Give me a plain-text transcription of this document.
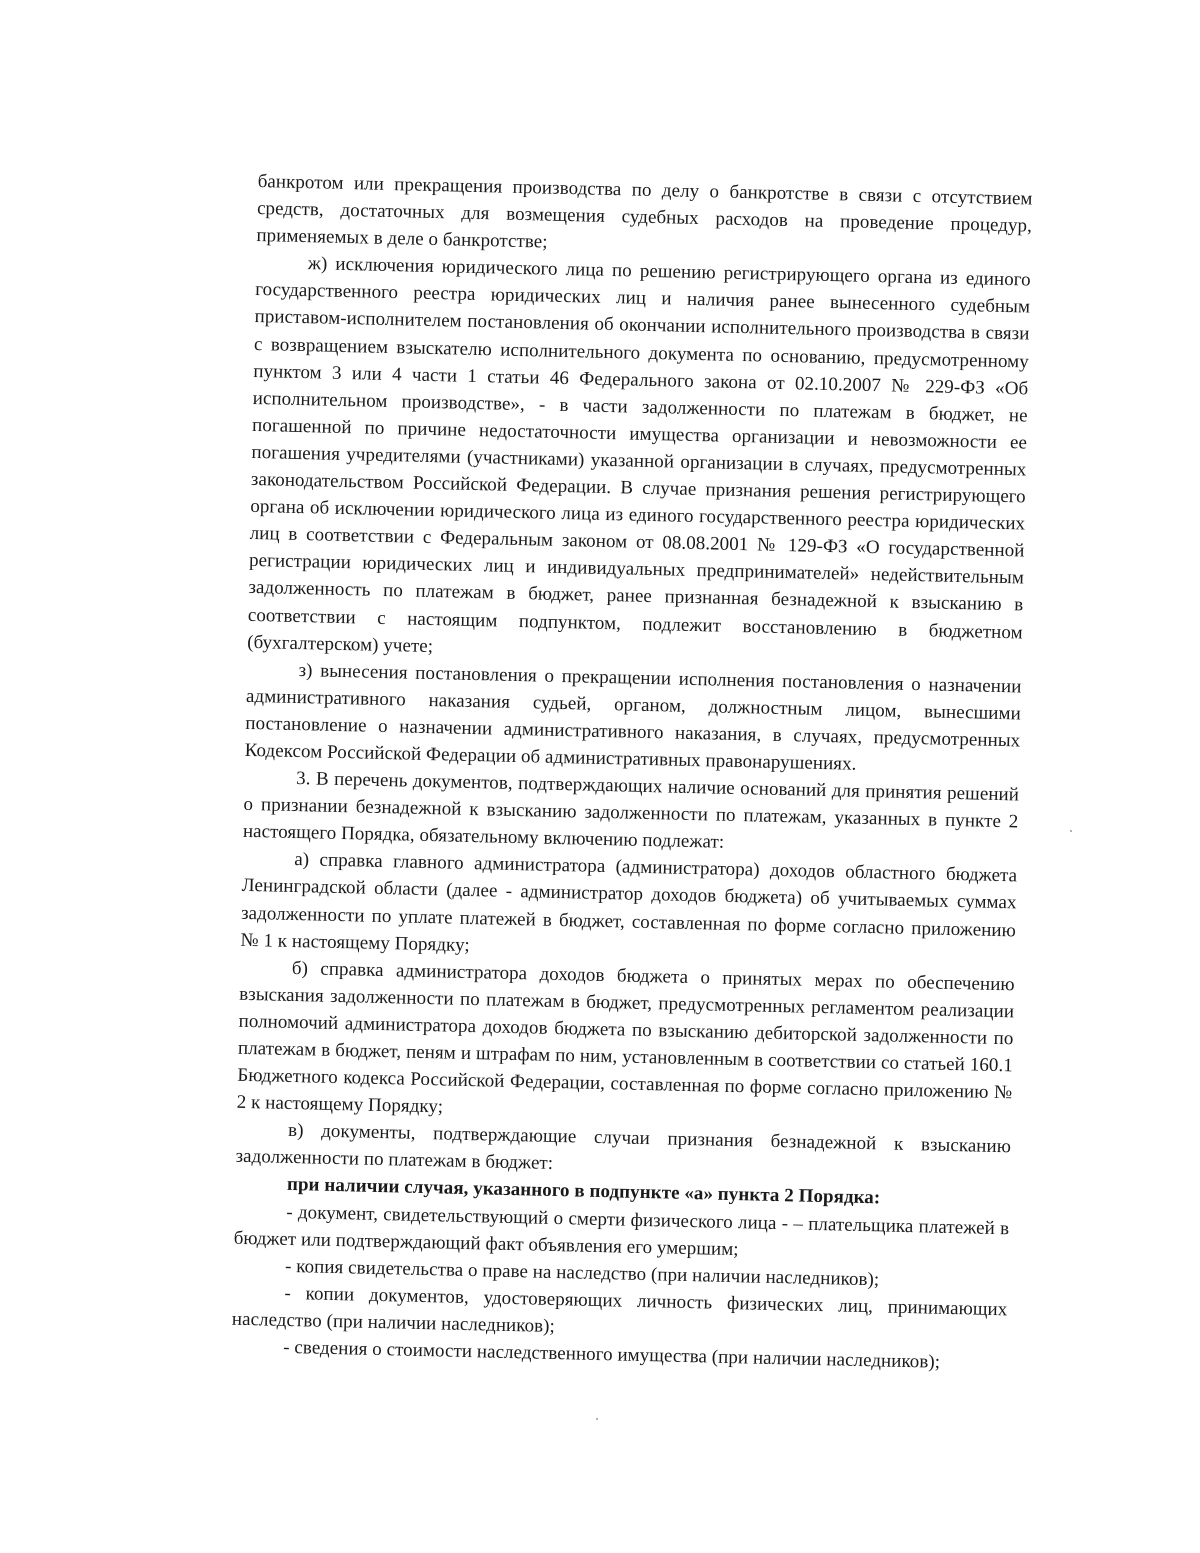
банкротом или прекращения производства по делу о банкротстве в связи с отсутствием средств, достаточных для возмещения судебных расходов на проведение процедур, применяемых в деле о банкротстве;

ж) исключения юридического лица по решению регистрирующего органа из единого государственного реестра юридических лиц и наличия ранее вынесенного судебным приставом-исполнителем постановления об окончании исполнительного производства в связи с возвращением взыскателю исполнительного документа по основанию, предусмотренному пунктом 3 или 4 части 1 статьи 46 Федерального закона от 02.10.2007 № 229-ФЗ «Об исполнительном производстве», - в части задолженности по платежам в бюджет, не погашенной по причине недостаточности имущества организации и невозможности ее погашения учредителями (участниками) указанной организации в случаях, предусмотренных законодательством Российской Федерации. В случае признания решения регистрирующего органа об исключении юридического лица из единого государственного реестра юридических лиц в соответствии с Федеральным законом от 08.08.2001 № 129-ФЗ «О государственной регистрации юридических лиц и индивидуальных предпринимателей» недействительным задолженность по платежам в бюджет, ранее признанная безнадежной к взысканию в соответствии с настоящим подпунктом, подлежит восстановлению в бюджетном (бухгалтерском) учете;

з) вынесения постановления о прекращении исполнения постановления о назначении административного наказания судьей, органом, должностным лицом, вынесшими постановление о назначении административного наказания, в случаях, предусмотренных Кодексом Российской Федерации об административных правонарушениях.

3. В перечень документов, подтверждающих наличие оснований для принятия решений о признании безнадежной к взысканию задолженности по платежам, указанных в пункте 2 настоящего Порядка, обязательному включению подлежат:

а) справка главного администратора (администратора) доходов областного бюджета Ленинградской области (далее - администратор доходов бюджета) об учитываемых суммах задолженности по уплате платежей в бюджет, составленная по форме согласно приложению № 1 к настоящему Порядку;

б) справка администратора доходов бюджета о принятых мерах по обеспечению взыскания задолженности по платежам в бюджет, предусмотренных регламентом реализации полномочий администратора доходов бюджета по взысканию дебиторской задолженности по платежам в бюджет, пеням и штрафам по ним, установленным в соответствии со статьей 160.1 Бюджетного кодекса Российской Федерации, составленная по форме согласно приложению № 2 к настоящему Порядку;

в) документы, подтверждающие случаи признания безнадежной к взысканию задолженности по платежам в бюджет:

при наличии случая, указанного в подпункте «а» пункта 2 Порядка:

- документ, свидетельствующий о смерти физического лица - – плательщика платежей в бюджет или подтверждающий факт объявления его умершим;

- копия свидетельства о праве на наследство (при наличии наследников);

- копии документов, удостоверяющих личность физических лиц, принимающих наследство (при наличии наследников);

- сведения о стоимости наследственного имущества (при наличии наследников);
